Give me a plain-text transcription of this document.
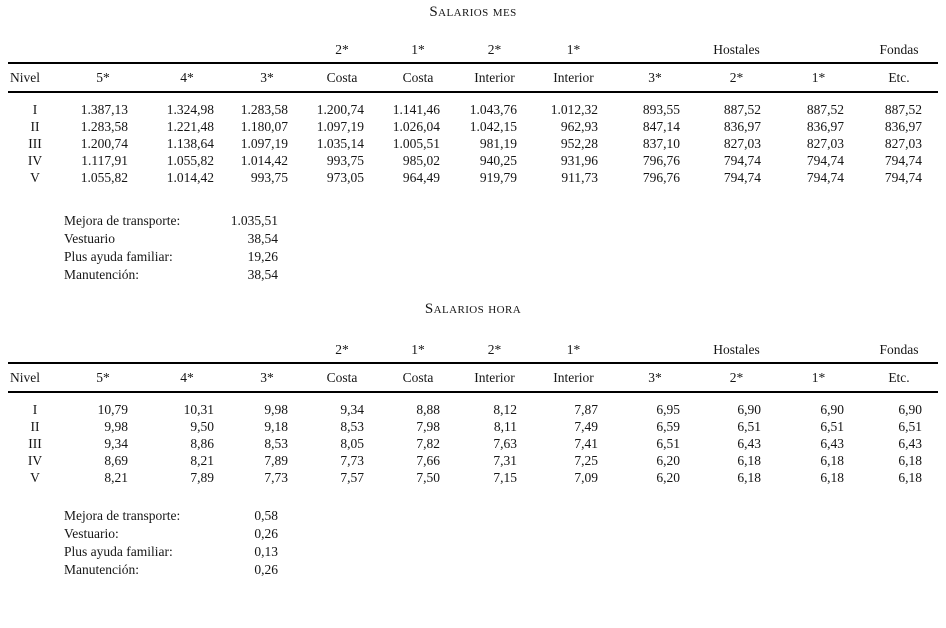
Salarios mes
				2*	1*	2*	1*		Hostales		Fondas
Nivel	5*	4*	3*	Costa	Costa	Interior	Interior	3*	2*	1*	Etc.
I	1.387,13	1.324,98	1.283,58	1.200,74	1.141,46	1.043,76	1.012,32	893,55	887,52	887,52	887,52
II	1.283,58	1.221,48	1.180,07	1.097,19	1.026,04	1.042,15	962,93	847,14	836,97	836,97	836,97
III	1.200,74	1.138,64	1.097,19	1.035,14	1.005,51	981,19	952,28	837,10	827,03	827,03	827,03
IV	1.117,91	1.055,82	1.014,42	993,75	985,02	940,25	931,96	796,76	794,74	794,74	794,74
V	1.055,82	1.014,42	993,75	973,05	964,49	919,79	911,73	796,76	794,74	794,74	794,74
Mejora de transporte:	1.035,51
Vestuario	38,54
Plus ayuda familiar:	19,26
Manutención:	38,54
Salarios hora
				2*	1*	2*	1*		Hostales		Fondas
Nivel	5*	4*	3*	Costa	Costa	Interior	Interior	3*	2*	1*	Etc.
I	10,79	10,31	9,98	9,34	8,88	8,12	7,87	6,95	6,90	6,90	6,90
II	9,98	9,50	9,18	8,53	7,98	8,11	7,49	6,59	6,51	6,51	6,51
III	9,34	8,86	8,53	8,05	7,82	7,63	7,41	6,51	6,43	6,43	6,43
IV	8,69	8,21	7,89	7,73	7,66	7,31	7,25	6,20	6,18	6,18	6,18
V	8,21	7,89	7,73	7,57	7,50	7,15	7,09	6,20	6,18	6,18	6,18
Mejora de transporte:	0,58
Vestuario:	0,26
Plus ayuda familiar:	0,13
Manutención:	0,26
